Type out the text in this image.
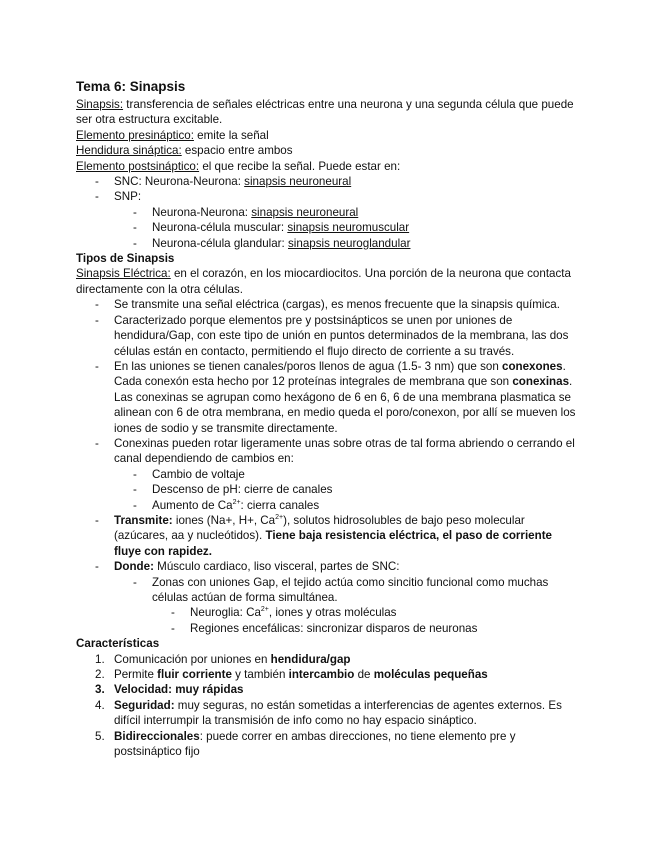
Tema 6: Sinapsis
Sinapsis: transferencia de señales eléctricas entre una neurona y una segunda célula que puede ser otra estructura excitable.
Elemento presináptico: emite la señal
Hendidura sináptica: espacio entre ambos
Elemento postsináptico: el que recibe la señal. Puede estar en:
- SNC: Neurona-Neurona: sinapsis neuroneural
- SNP:
- Neurona-Neurona: sinapsis neuroneural
- Neurona-célula muscular: sinapsis neuromuscular
- Neurona-célula glandular: sinapsis neuroglandular
Tipos de Sinapsis
Sinapsis Eléctrica: en el corazón, en los miocardiocitos. Una porción de la neurona que contacta directamente con la otra células.
- Se transmite una señal eléctrica (cargas), es menos frecuente que la sinapsis química.
- Caracterizado porque elementos pre y postsinápticos se unen por uniones de hendidura/Gap, con este tipo de unión en puntos determinados de la membrana, las dos células están en contacto, permitiendo el flujo directo de corriente a su través.
- En las uniones se tienen canales/poros llenos de agua (1.5- 3 nm) que son conexones. Cada conexón esta hecho por 12 proteínas integrales de membrana que son conexinas. Las conexinas se agrupan como hexágono de 6 en 6, 6 de una membrana plasmatica se alinean con 6 de otra membrana, en medio queda el poro/conexon, por allí se mueven los iones de sodio y se transmite directamente.
- Conexinas pueden rotar ligeramente unas sobre otras de tal forma abriendo o cerrando el canal dependiendo de cambios en:
- Cambio de voltaje
- Descenso de pH: cierre de canales
- Aumento de $Ca^{2+}$: cierra canales
- Transmite: iones (Na+, H+, $Ca^{2+}$), solutos hidrosolubles de bajo peso molecular (azúcares, aa y nucleótidos). Tiene baja resistencia eléctrica, el paso de corriente fluye con rapidez.
- Donde: Músculo cardiaco, liso visceral, partes de SNC:
- Zonas con uniones Gap, el tejido actúa como sincitio funcional como muchas células actúan de forma simultánea.
- Neuroglia: $Ca^{2+}$, iones y otras moléculas
- Regiones encefálicas: sincronizar disparos de neuronas
Características
1. Comunicación por uniones en hendidura/gap
2. Permite fluir corriente y también intercambio de moléculas pequeñas
3. Velocidad: muy rápidas
4. Seguridad: muy seguras, no están sometidas a interferencias de agentes externos. Es difícil interrumpir la transmisión de info como no hay espacio sináptico.
5. Bidireccionales: puede correr en ambas direcciones, no tiene elemento pre y postsináptico fijo
